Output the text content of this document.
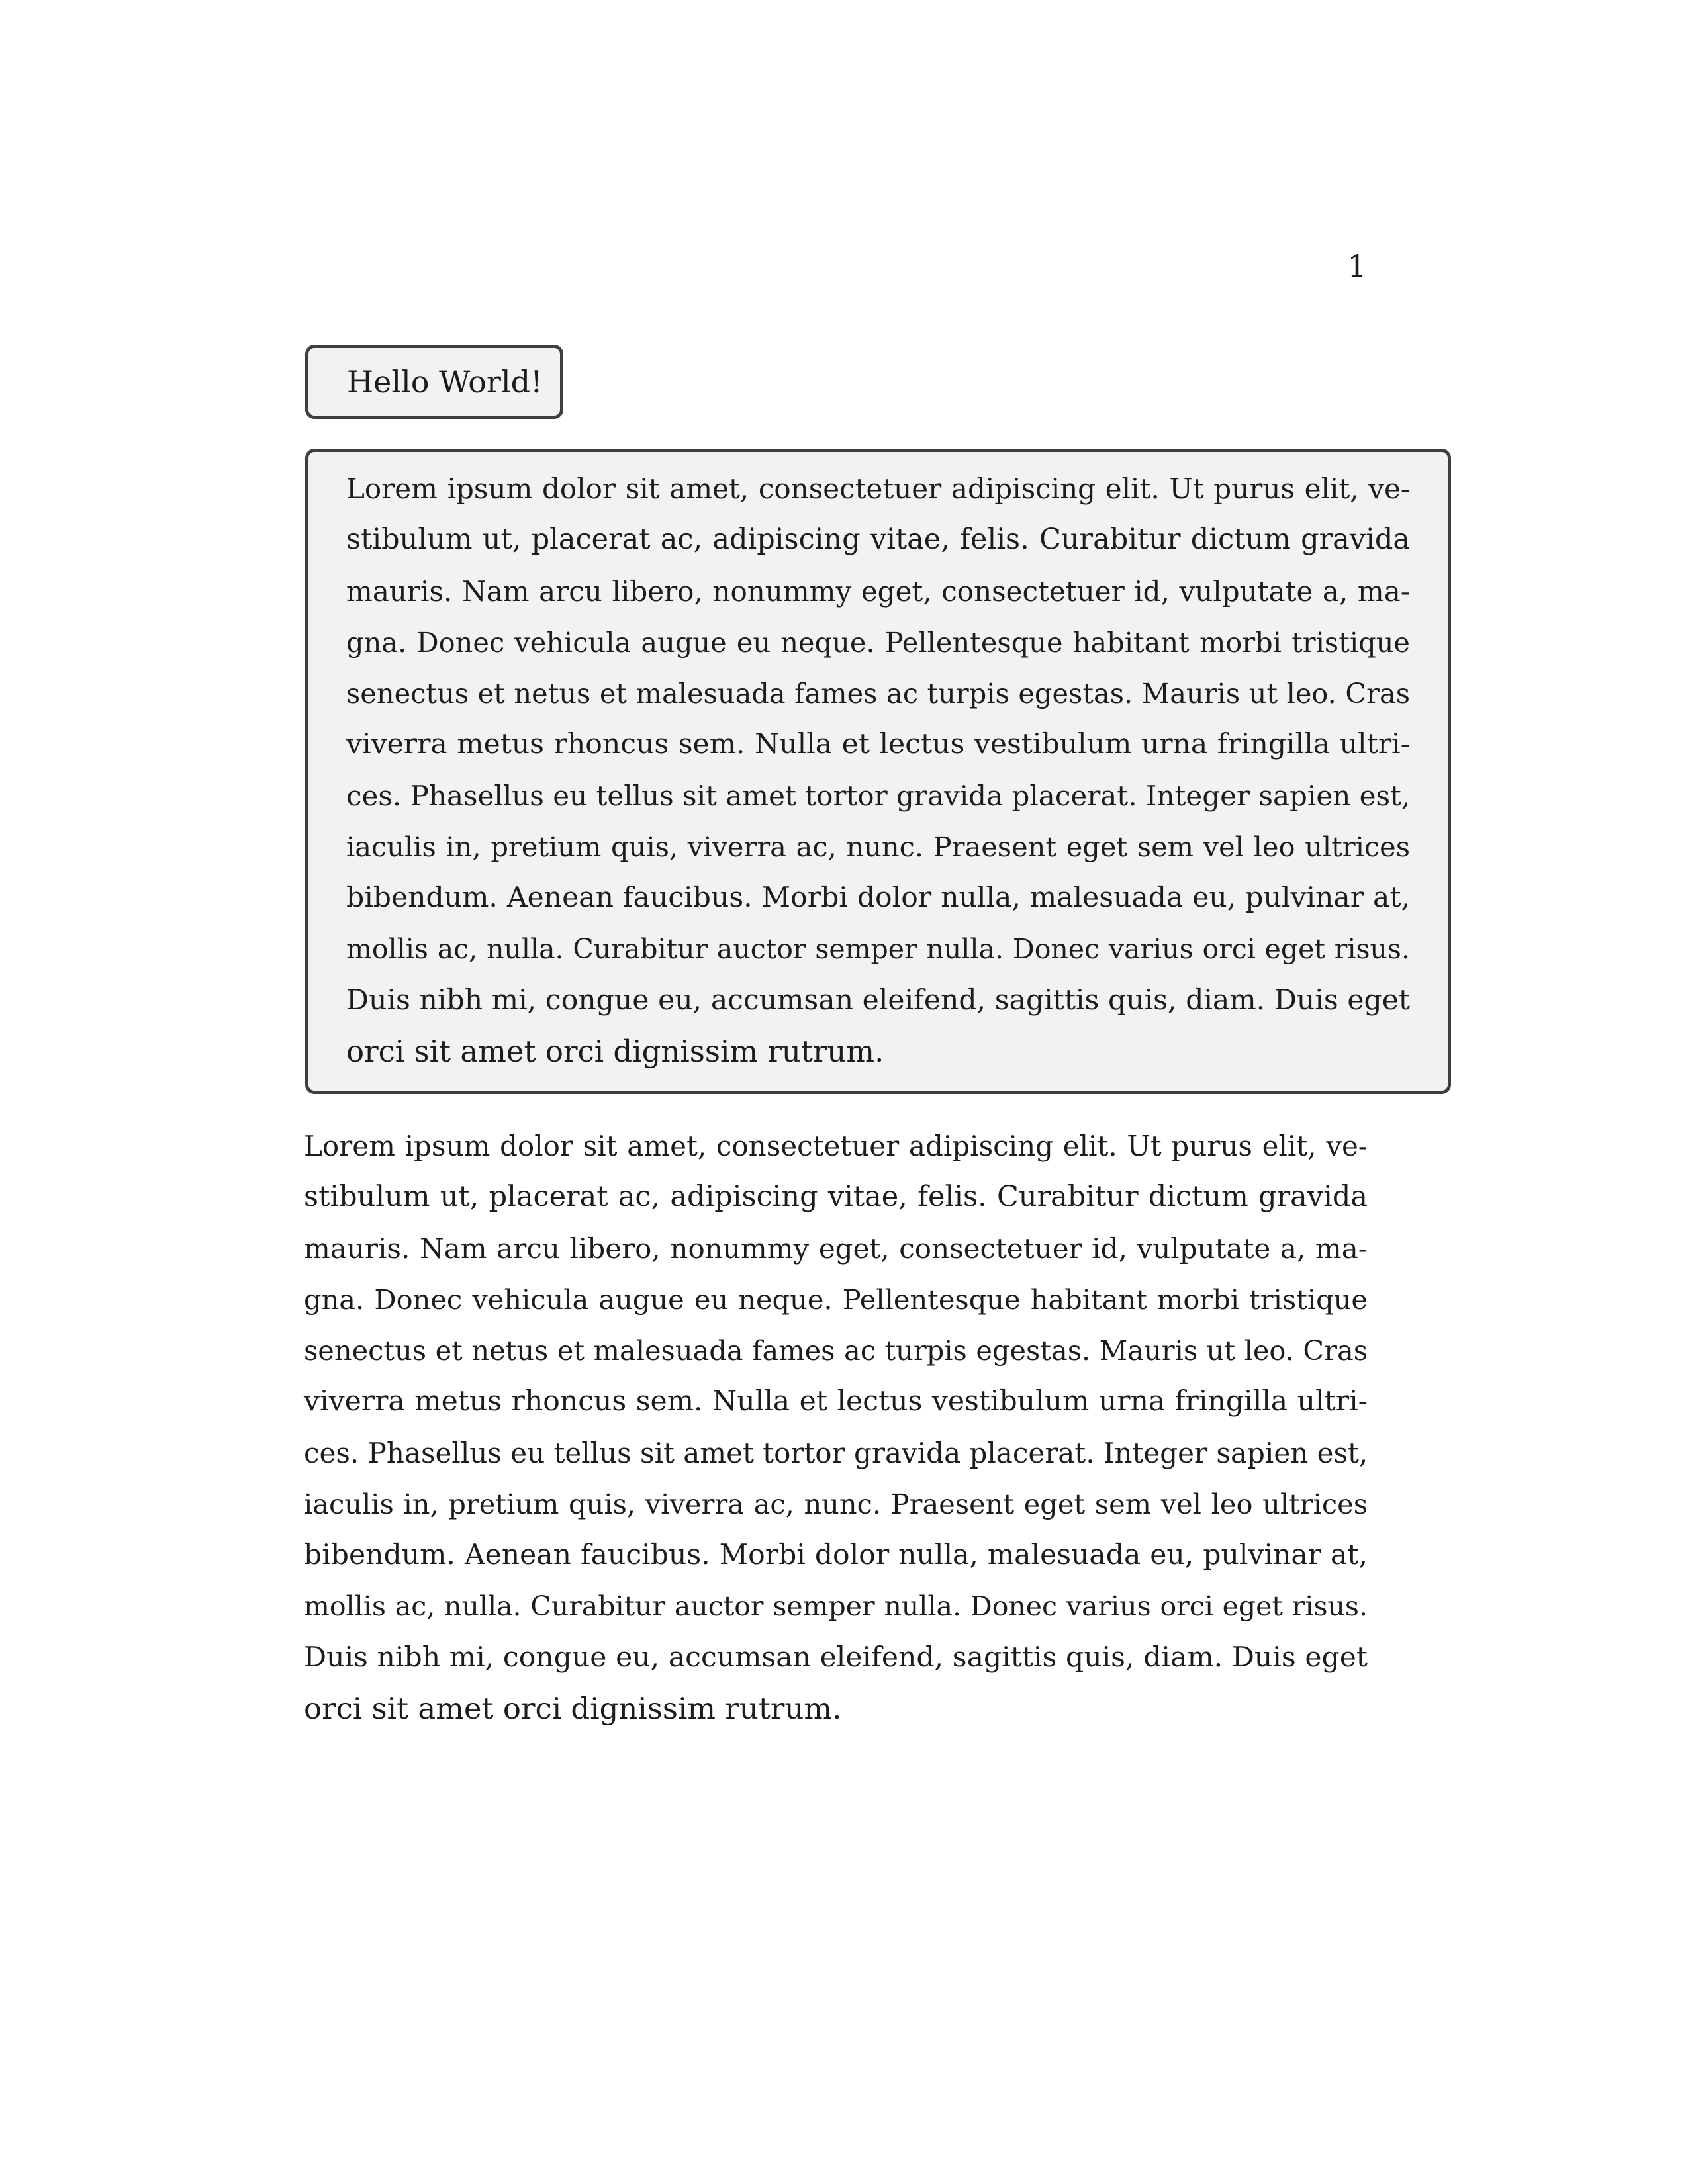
1
Hello World!
Lorem ipsum dolor sit amet, consectetuer adipiscing elit. Ut purus elit, ve-
stibulum ut, placerat ac, adipiscing vitae, felis. Curabitur dictum gravida
mauris. Nam arcu libero, nonummy eget, consectetuer id, vulputate a, ma-
gna. Donec vehicula augue eu neque. Pellentesque habitant morbi tristique
senectus et netus et malesuada fames ac turpis egestas. Mauris ut leo. Cras
viverra metus rhoncus sem. Nulla et lectus vestibulum urna fringilla ultri-
ces. Phasellus eu tellus sit amet tortor gravida placerat. Integer sapien est,
iaculis in, pretium quis, viverra ac, nunc. Praesent eget sem vel leo ultrices
bibendum. Aenean faucibus. Morbi dolor nulla, malesuada eu, pulvinar at,
mollis ac, nulla. Curabitur auctor semper nulla. Donec varius orci eget risus.
Duis nibh mi, congue eu, accumsan eleifend, sagittis quis, diam. Duis eget
orci sit amet orci dignissim rutrum.
Lorem ipsum dolor sit amet, consectetuer adipiscing elit. Ut purus elit, ve-
stibulum ut, placerat ac, adipiscing vitae, felis. Curabitur dictum gravida
mauris. Nam arcu libero, nonummy eget, consectetuer id, vulputate a, ma-
gna. Donec vehicula augue eu neque. Pellentesque habitant morbi tristique
senectus et netus et malesuada fames ac turpis egestas. Mauris ut leo. Cras
viverra metus rhoncus sem. Nulla et lectus vestibulum urna fringilla ultri-
ces. Phasellus eu tellus sit amet tortor gravida placerat. Integer sapien est,
iaculis in, pretium quis, viverra ac, nunc. Praesent eget sem vel leo ultrices
bibendum. Aenean faucibus. Morbi dolor nulla, malesuada eu, pulvinar at,
mollis ac, nulla. Curabitur auctor semper nulla. Donec varius orci eget risus.
Duis nibh mi, congue eu, accumsan eleifend, sagittis quis, diam. Duis eget
orci sit amet orci dignissim rutrum.
